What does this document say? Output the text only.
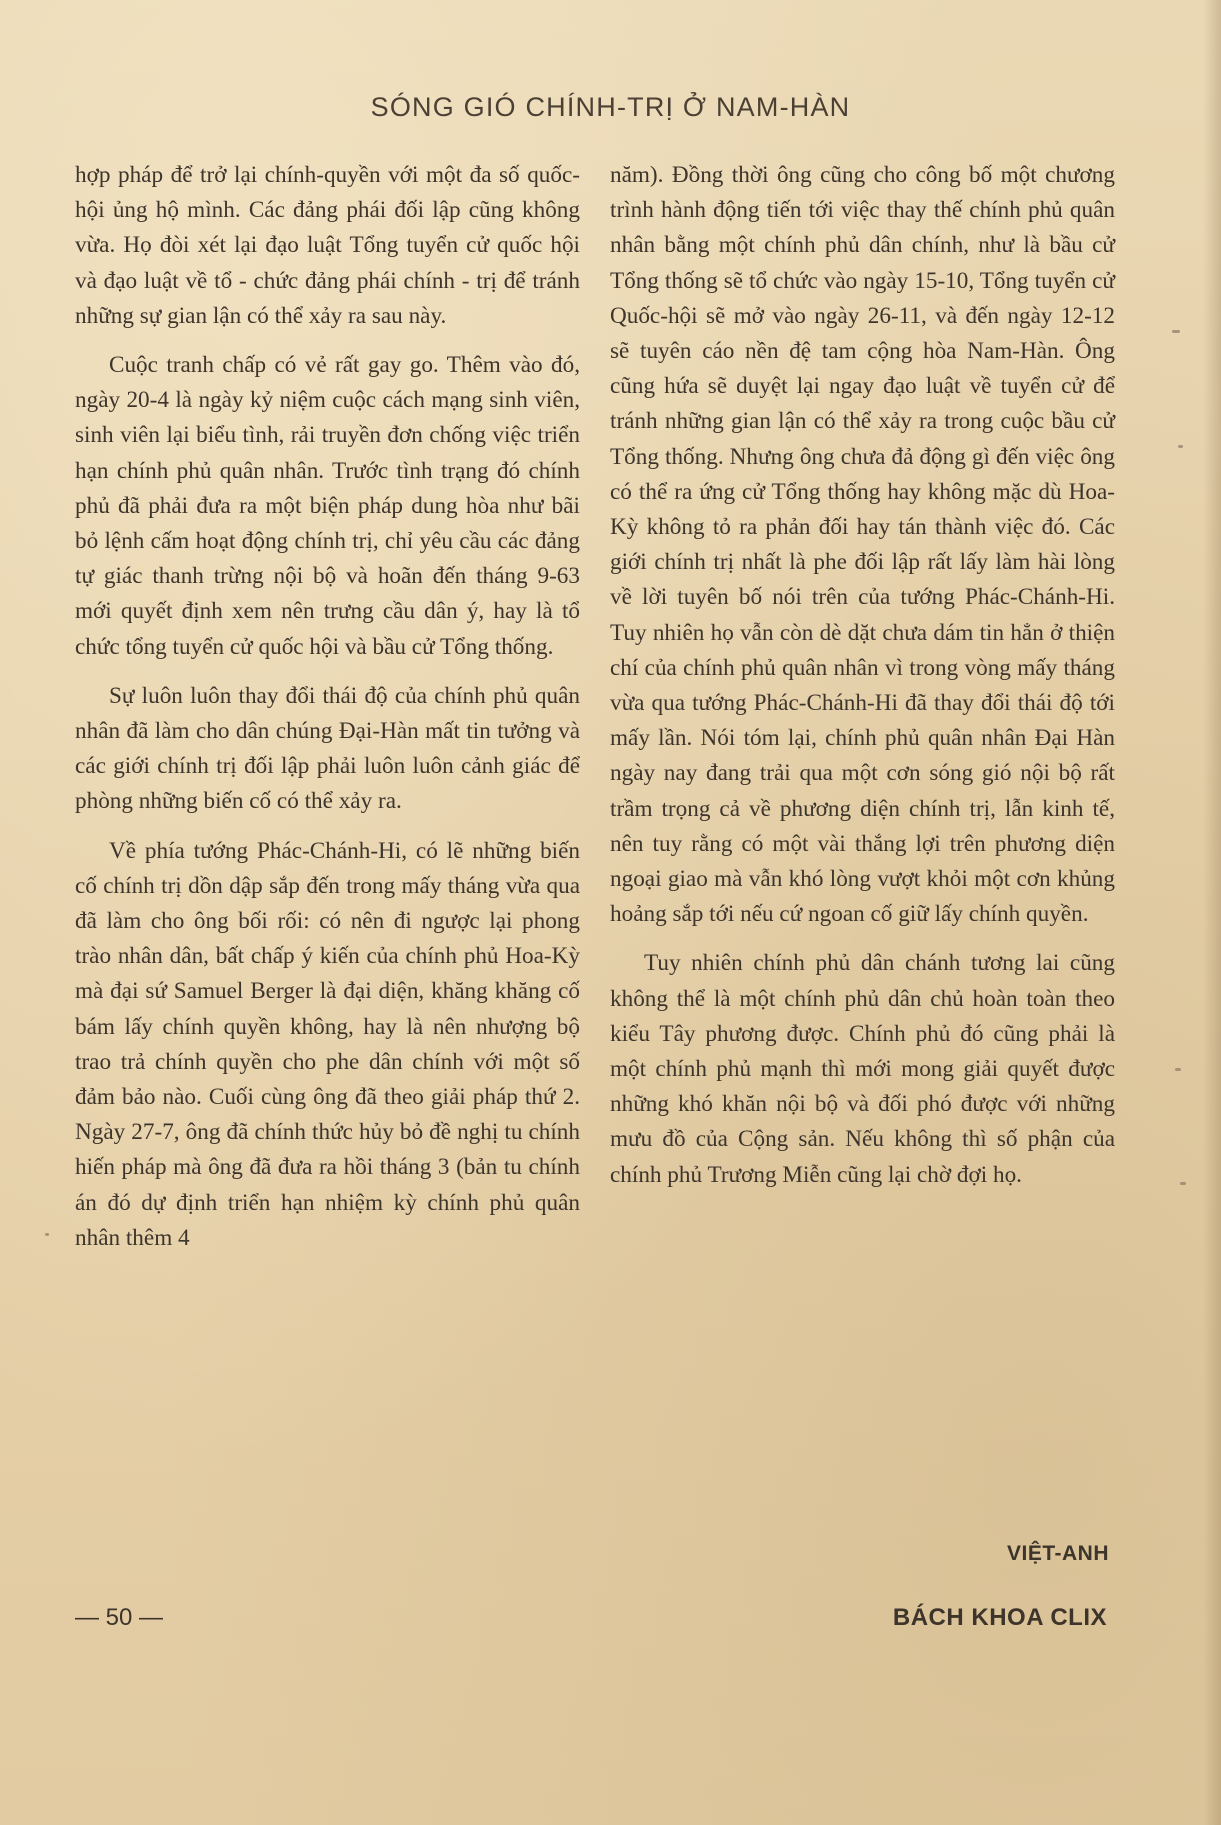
SÓNG GIÓ CHÍNH-TRỊ Ở NAM-HÀN

hợp pháp để trở lại chính-quyền với một đa số quốc-hội ủng hộ mình. Các đảng phái đối lập cũng không vừa. Họ đòi xét lại đạo luật Tổng tuyển cử quốc hội và đạo luật về tổ - chức đảng phái chính - trị để tránh những sự gian lận có thể xảy ra sau này.

Cuộc tranh chấp có vẻ rất gay go. Thêm vào đó, ngày 20-4 là ngày kỷ niệm cuộc cách mạng sinh viên, sinh viên lại biểu tình, rải truyền đơn chống việc triển hạn chính phủ quân nhân. Trước tình trạng đó chính phủ đã phải đưa ra một biện pháp dung hòa như bãi bỏ lệnh cấm hoạt động chính trị, chỉ yêu cầu các đảng tự giác thanh trừng nội bộ và hoãn đến tháng 9-63 mới quyết định xem nên trưng cầu dân ý, hay là tổ chức tổng tuyển cử quốc hội và bầu cử Tổng thống.

Sự luôn luôn thay đổi thái độ của chính phủ quân nhân đã làm cho dân chúng Đại-Hàn mất tin tưởng và các giới chính trị đối lập phải luôn luôn cảnh giác để phòng những biến cố có thể xảy ra.

Về phía tướng Phác-Chánh-Hi, có lẽ những biến cố chính trị dồn dập sắp đến trong mấy tháng vừa qua đã làm cho ông bối rối: có nên đi ngược lại phong trào nhân dân, bất chấp ý kiến của chính phủ Hoa-Kỳ mà đại sứ Samuel Berger là đại diện, khăng khăng cố bám lấy chính quyền không, hay là nên nhượng bộ trao trả chính quyền cho phe dân chính với một số đảm bảo nào. Cuối cùng ông đã theo giải pháp thứ 2. Ngày 27-7, ông đã chính thức hủy bỏ đề nghị tu chính hiến pháp mà ông đã đưa ra hồi tháng 3 (bản tu chính án đó dự định triển hạn nhiệm kỳ chính phủ quân nhân thêm 4

năm). Đồng thời ông cũng cho công bố một chương trình hành động tiến tới việc thay thế chính phủ quân nhân bằng một chính phủ dân chính, như là bầu cử Tổng thống sẽ tổ chức vào ngày 15-10, Tổng tuyển cử Quốc-hội sẽ mở vào ngày 26-11, và đến ngày 12-12 sẽ tuyên cáo nền đệ tam cộng hòa Nam-Hàn. Ông cũng hứa sẽ duyệt lại ngay đạo luật về tuyển cử để tránh những gian lận có thể xảy ra trong cuộc bầu cử Tổng thống. Nhưng ông chưa đả động gì đến việc ông có thể ra ứng cử Tổng thống hay không mặc dù Hoa-Kỳ không tỏ ra phản đối hay tán thành việc đó. Các giới chính trị nhất là phe đối lập rất lấy làm hài lòng về lời tuyên bố nói trên của tướng Phác-Chánh-Hi. Tuy nhiên họ vẫn còn dè dặt chưa dám tin hẳn ở thiện chí của chính phủ quân nhân vì trong vòng mấy tháng vừa qua tướng Phác-Chánh-Hi đã thay đổi thái độ tới mấy lần. Nói tóm lại, chính phủ quân nhân Đại Hàn ngày nay đang trải qua một cơn sóng gió nội bộ rất trầm trọng cả về phương diện chính trị, lẫn kinh tế, nên tuy rằng có một vài thắng lợi trên phương diện ngoại giao mà vẫn khó lòng vượt khỏi một cơn khủng hoảng sắp tới nếu cứ ngoan cố giữ lấy chính quyền.

Tuy nhiên chính phủ dân chánh tương lai cũng không thể là một chính phủ dân chủ hoàn toàn theo kiểu Tây phương được. Chính phủ đó cũng phải là một chính phủ mạnh thì mới mong giải quyết được những khó khăn nội bộ và đối phó được với những mưu đồ của Cộng sản. Nếu không thì số phận của chính phủ Trương Miễn cũng lại chờ đợi họ.

VIỆT-ANH
— 50 —	BÁCH KHOA CLIX
